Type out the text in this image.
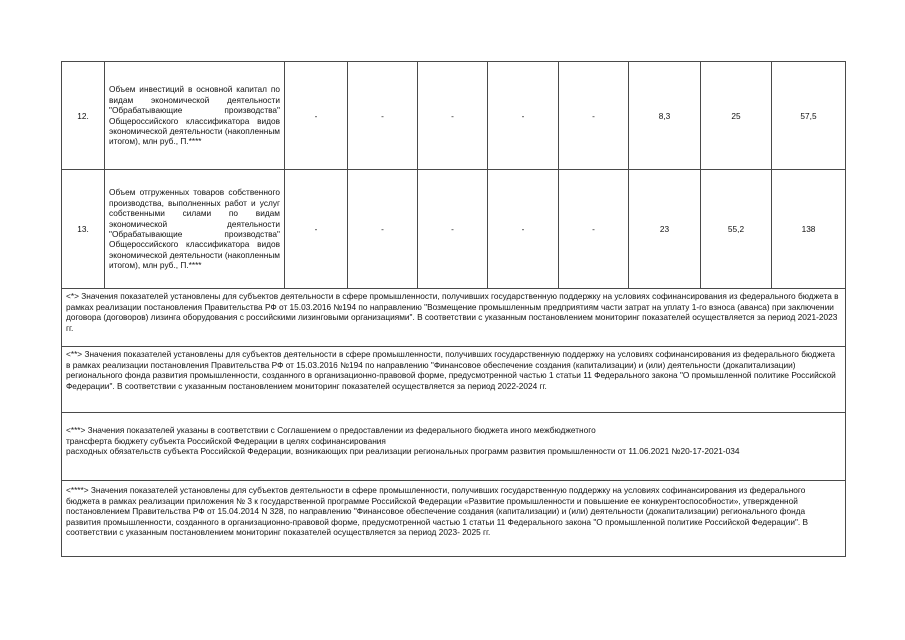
12.	Объем инвестиций в основной капитал по видам экономической деятельности "Обрабатывающие производства" Общероссийского классификатора видов экономической деятельности (накопленным итогом), млн руб., П.****	-	-	-	-	-	8,3	25	57,5
13.	Объем отгруженных товаров собственного производства, выполненных работ и услуг собственными силами по видам экономической деятельности "Обрабатывающие производства" Общероссийского классификатора видов экономической деятельности (накопленным итогом), млн руб., П.****	-	-	-	-	-	23	55,2	138
<*> Значения показателей установлены для субъектов деятельности в сфере промышленности, получивших государственную поддержку на условиях софинансирования из федерального бюджета в рамках реализации постановления Правительства РФ от 15.03.2016 №194 по направлению "Возмещение промышленным предприятиям части затрат на уплату 1-го взноса (аванса) при заключении договора (договоров) лизинга оборудования с российскими лизинговыми организациями". В соответствии с указанным постановлением мониторинг показателей осуществляется за период 2021-2023 гг.									
<**> Значения показателей установлены для субъектов деятельности в сфере промышленности, получивших государственную поддержку на условиях софинансирования из федерального бюджета в рамках реализации постановления Правительства РФ от 15.03.2016 №194 по направлению "Финансовое обеспечение создания (капитализации) и (или) деятельности (докапитализации) регионального фонда развития промышленности, созданного в организационно-правовой форме, предусмотренной частью 1 статьи 11 Федерального закона "О промышленной политике Российской Федерации". В соответствии с указанным постановлением мониторинг показателей осуществляется за период 2022-2024 гг.									

<***> Значения показателей указаны в соответствии с Соглашением о предоставлении из федерального бюджета иного межбюджетного

трансферта бюджету субъекта Российской Федерации в целях софинансирования

расходных обязательств субъекта Российской Федерации, возникающих при реализации региональных программ развития промышленности от 11.06.2021 №20-17-2021-034									

<****> Значения показателей установлены для субъектов деятельности в сфере промышленности, получивших государственную поддержку на условиях софинансирования из федерального бюджета в рамках реализации приложения № 3 к государственной программе Российской Федерации «Развитие промышленности и повышение ее конкурентоспособности», утвержденной постановлением Правительства РФ от 15.04.2014 N 328, по направлению "Финансовое обеспечение создания (капитализации) и (или) деятельности (докапитализации) регионального фонда развития промышленности, созданного в организационно-правовой форме, предусмотренной частью 1 статьи 11 Федерального закона "О промышленной политике Российской Федерации". В соответствии с указанным постановлением мониторинг показателей осуществляется за период 2023- 2025 гг.									
